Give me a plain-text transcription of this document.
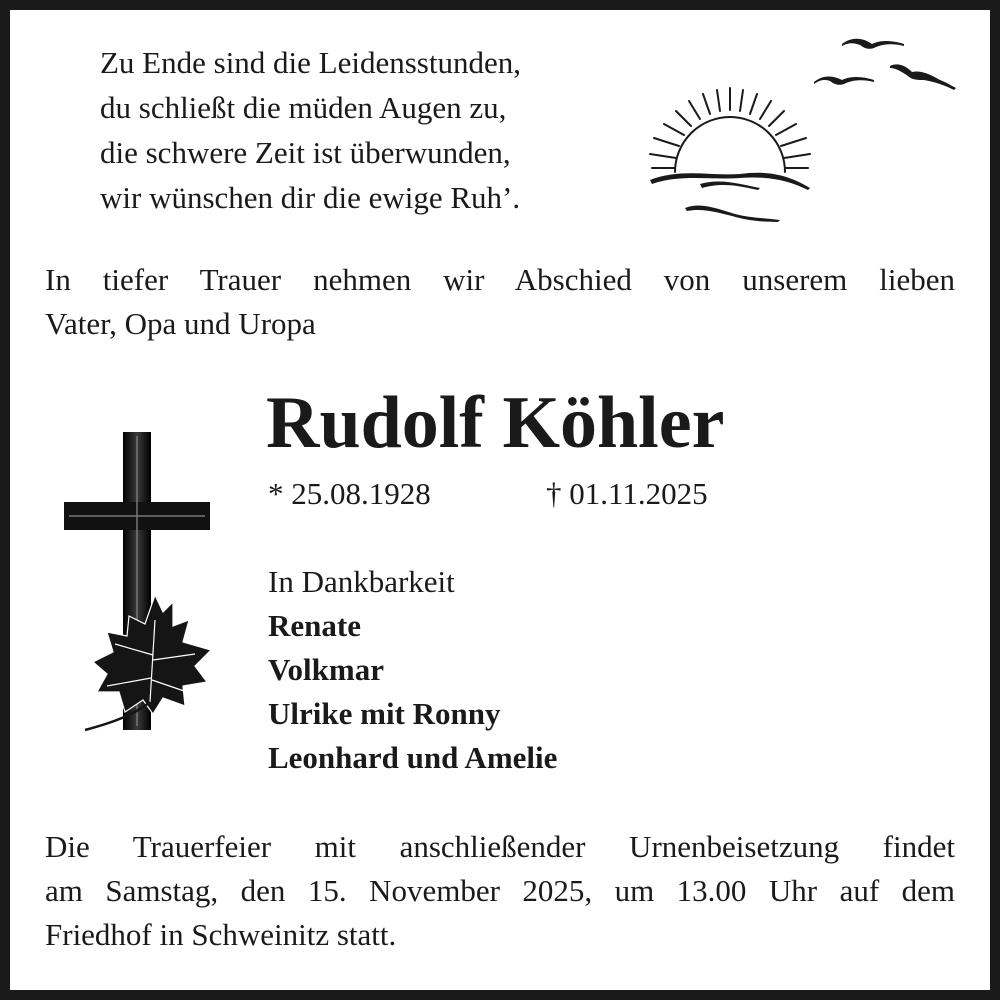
Zu Ende sind die Leidensstunden,
du schließt die müden Augen zu,
die schwere Zeit ist überwunden,
wir wünschen dir die ewige Ruh’.
In tiefer Trauer nehmen wir Abschied von unserem lieben
Vater, Opa und Uropa
Rudolf Köhler
* 25.08.1928	† 01.11.2025
In Dankbarkeit
Renate
Volkmar
Ulrike mit Ronny
Leonhard und Amelie
Die Trauerfeier mit anschließender Urnenbeisetzung findet
am Samstag, den 15. November 2025, um 13.00 Uhr auf dem
Friedhof in Schweinitz statt.
